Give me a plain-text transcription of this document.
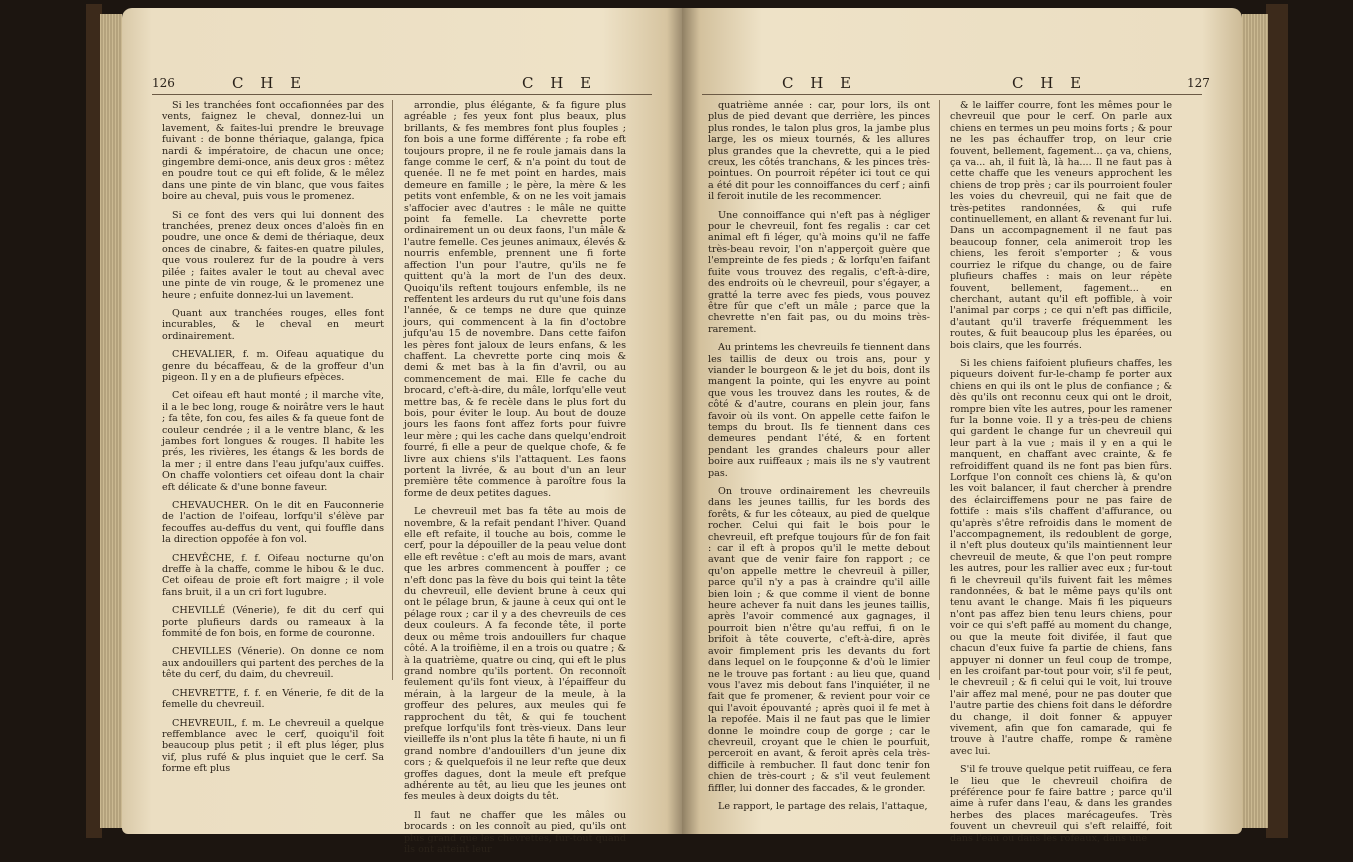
126	C H E	C H E

Si les tranchées font occafionnées par des vents, faignez le cheval, donnez-lui un lavement, & faites-lui prendre le breuvage fuivant : de bonne thériaque, galanga, fpica nardi & impératoire, de chacun une once; gingembre demi-once, anis deux gros : mêtez en poudre tout ce qui eft folide, & le mêlez dans une pinte de vin blanc, que vous faites boire au cheval, puis vous le promenez.

Si ce font des vers qui lui donnent des tranchées, prenez deux onces d'aloès fin en poudre, une once & demi de thériaque, deux onces de cinabre, & faites-en quatre pilules, que vous roulerez fur de la poudre à vers pilée ; faites avaler le tout au cheval avec une pinte de vin rouge, & le promenez une heure ; enfuite donnez-lui un lavement.

Quant aux tranchées rouges, elles font incurables, & le cheval en meurt ordinairement.

CHEVALIER, f. m. Oifeau aquatique du genre du bécaffeau, & de la groffeur d'un pigeon. Il y en a de plufieurs efpèces.

Cet oifeau eft haut monté ; il marche vîte, il a le bec long, rouge & noirâtre vers le haut ; fa tête, fon cou, fes ailes & fa queue font de couleur cendrée ; il a le ventre blanc, & les jambes fort longues & rouges. Il habite les prés, les rivières, les étangs & les bords de la mer ; il entre dans l'eau jufqu'aux cuiffes. On chaffe volontiers cet oifeau dont la chair eft délicate & d'une bonne faveur.

CHEVAUCHER. On le dit en Fauconnerie de l'action de l'oifeau, lorfqu'il s'élève par fecouffes au-deffus du vent, qui fouffle dans la direction oppofée à fon vol.

CHEVÊCHE, f. f. Oifeau nocturne qu'on dreffe à la chaffe, comme le hibou & le duc. Cet oifeau de proie eft fort maigre ; il vole fans bruit, il a un cri fort lugubre.

CHEVILLÉ (Vénerie), fe dit du cerf qui porte plufieurs dards ou rameaux à la fommité de fon bois, en forme de couronne.

CHEVILLES (Vénerie). On donne ce nom aux andouillers qui partent des perches de la tête du cerf, du daim, du chevreuil.

CHEVRETTE, f. f. en Vénerie, fe dit de la femelle du chevreuil.

CHEVREUIL, f. m. Le chevreuil a quelque reffemblance avec le cerf, quoiqu'il foit beaucoup plus petit ; il eft plus léger, plus vif, plus rufé & plus inquiet que le cerf. Sa forme eft plus

arrondie, plus élégante, & fa figure plus agréable ; fes yeux font plus beaux, plus brillants, & fes membres font plus fouples ; fon bois a une forme différente ; fa robe eft toujours propre, il ne fe roule jamais dans la fange comme le cerf, & n'a point du tout de quenée. Il ne fe met point en hardes, mais demeure en famille ; le père, la mère & les petits vont enfemble, & on ne les voit jamais s'affocier avec d'autres : le mâle ne quitte point fa femelle. La chevrette porte ordinairement un ou deux faons, l'un mâle & l'autre femelle. Ces jeunes animaux, élevés & nourris enfemble, prennent une fi forte affection l'un pour l'autre, qu'ils ne fe quittent qu'à la mort de l'un des deux. Quoiqu'ils reftent toujours enfemble, ils ne reffentent les ardeurs du rut qu'une fois dans l'année, & ce temps ne dure que quinze jours, qui commencent à la fin d'octobre jufqu'au 15 de novembre. Dans cette faifon les pères font jaloux de leurs enfans, & les chaffent. La chevrette porte cinq mois & demi & met bas à la fin d'avril, ou au commencement de mai. Elle fe cache du brocard, c'eft-à-dire, du mâle, lorfqu'elle veut mettre bas, & fe recèle dans le plus fort du bois, pour éviter le loup. Au bout de douze jours les faons font affez forts pour fuivre leur mère ; qui les cache dans quelqu'endroit fourré, fi elle a peur de quelque chofe, & fe livre aux chiens s'ils l'attaquent. Les faons portent la livrée, & au bout d'un an leur première tête commence à paroître fous la forme de deux petites dagues.

Le chevreuil met bas fa tête au mois de novembre, & la refait pendant l'hiver. Quand elle eft refaite, il touche au bois, comme le cerf, pour la dépouiller de la peau velue dont elle eft revêtue : c'eft au mois de mars, avant que les arbres commencent à pouffer ; ce n'eft donc pas la fève du bois qui teint la tête du chevreuil, elle devient brune à ceux qui ont le pélage brun, & jaune à ceux qui ont le pélage roux ; car il y a des chevreuils de ces deux couleurs. A fa feconde tête, il porte deux ou même trois andouillers fur chaque côté. A la troifième, il en a trois ou quatre ; & à la quatrième, quatre ou cinq, qui eft le plus grand nombre qu'ils portent. On reconnoît feulement qu'ils font vieux, à l'épaiffeur du mérain, à la largeur de la meule, à la groffeur des pelures, aux meules qui fe rapprochent du têt, & qui fe touchent prefque lorfqu'ils font très-vieux. Dans leur vieilleffe ils n'ont plus la tête fi haute, ni un fi grand nombre d'andouillers d'un jeune dix cors ; & quelquefois il ne leur refte que deux groffes dagues, dont la meule eft prefque adhérente au têt, au lieu que les jeunes ont fes meules à deux doigts du têt.

Il faut ne chaffer que les mâles ou brocards : on les connoît au pied, qu'ils ont plus grand que les chevrettes, fur-tout quand ils ont atteint leur

C H E	C H E	127

quatrième année : car, pour lors, ils ont plus de pied devant que derrière, les pinces plus rondes, le talon plus gros, la jambe plus large, les os mieux tournés, & les allures plus grandes que la chevrette, qui a le pied creux, les côtés tranchans, & les pinces très-pointues. On pourroit répéter ici tout ce qui a été dit pour les connoiffances du cerf ; ainfi il feroit inutile de les recommencer.

Une connoiffance qui n'eft pas à négliger pour le chevreuil, font fes regalis : car cet animal eft fi léger, qu'à moins qu'il ne faffe très-beau revoir, l'on n'apperçoit guère que l'empreinte de fes pieds ; & lorfqu'en faifant fuite vous trouvez des regalis, c'eft-à-dire, des endroits où le chevreuil, pour s'égayer, a gratté la terre avec fes pieds, vous pouvez être fûr que c'eft un mâle ; parce que la chevrette n'en fait pas, ou du moins très-rarement.

Au printems les chevreuils fe tiennent dans les taillis de deux ou trois ans, pour y viander le bourgeon & le jet du bois, dont ils mangent la pointe, qui les enyvre au point que vous les trouvez dans les routes, & de côté & d'autre, courans en plein jour, fans favoir où ils vont. On appelle cette faifon le temps du brout. Ils fe tiennent dans ces demeures pendant l'été, & en fortent pendant les grandes chaleurs pour aller boire aux ruiffeaux ; mais ils ne s'y vautrent pas.

On trouve ordinairement les chevreuils dans les jeunes taillis, fur les bords des forêts, & fur les côteaux, au pied de quelque rocher. Celui qui fait le bois pour le chevreuil, eft prefque toujours fûr de fon fait : car il eft à propos qu'il le mette debout avant que de venir faire fon rapport ; ce qu'on appelle mettre le chevreuil à piller, parce qu'il n'y a pas à craindre qu'il aille bien loin ; & que comme il vient de bonne heure achever fa nuit dans les jeunes taillis, après l'avoir commencé aux gagnages, il pourroit bien n'être qu'au reffui, fi on le brifoit à tête couverte, c'eft-à-dire, après avoir fimplement pris les devants du fort dans lequel on le foupçonne & d'où le limier ne le trouve pas fortant : au lieu que, quand vous l'avez mis debout fans l'inquiéter, il ne fait que fe promener, & revient pour voir ce qui l'avoit épouvanté ; après quoi il fe met à la repofée. Mais il ne faut pas que le limier donne le moindre coup de gorge ; car le chevreuil, croyant que le chien le pourfuit, perceroit en avant, & feroit après cela très-difficile à rembucher. Il faut donc tenir fon chien de très-court ; & s'il veut feulement fiffler, lui donner des faccades, & le gronder.

Le rapport, le partage des relais, l'attaque,

& le laiffer courre, font les mêmes pour le chevreuil que pour le cerf. On parle aux chiens en termes un peu moins forts ; & pour ne les pas échauffer trop, on leur crie fouvent, bellement, fagement... ça va, chiens, ça va... ah, il fuit là, là ha.... Il ne faut pas à cette chaffe que les veneurs approchent les chiens de trop près ; car ils pourroient fouler les voies du chevreuil, qui ne fait que de très-petites randonnées, & qui rufe continuellement, en allant & revenant fur lui. Dans un accompagnement il ne faut pas beaucoup fonner, cela animeroit trop les chiens, les feroit s'emporter ; & vous courriez le rifque du change, ou de faire plufieurs chaffes : mais on leur répète fouvent, bellement, fagement... en cherchant, autant qu'il eft poffible, à voir l'animal par corps ; ce qui n'eft pas difficile, d'autant qu'il traverfe fréquemment les routes, & fuit beaucoup plus les éparées, ou bois clairs, que les fourrés.

Si les chiens faifoient plufieurs chaffes, les piqueurs doivent fur-le-champ fe porter aux chiens en qui ils ont le plus de confiance ; & dès qu'ils ont reconnu ceux qui ont le droit, rompre bien vîte les autres, pour les ramener fur la bonne voie. Il y a très-peu de chiens qui gardent le change fur un chevreuil qui leur part à la vue ; mais il y en a qui le manquent, en chaffant avec crainte, & fe refroidiffent quand ils ne font pas bien fûrs. Lorfque l'on connoît ces chiens là, & qu'on les voit balancer, il faut chercher à prendre des éclairciffemens pour ne pas faire de fottife : mais s'ils chaffent d'affurance, ou qu'après s'être refroidis dans le moment de l'accompagnement, ils redoublent de gorge, il n'eft plus douteux qu'ils maintiennent leur chevreuil de meute, & que l'on peut rompre les autres, pour les rallier avec eux ; fur-tout fi le chevreuil qu'ils fuivent fait les mêmes randonnées, & bat le même pays qu'ils ont tenu avant le change. Mais fi les piqueurs n'ont pas affez bien tenu leurs chiens, pour voir ce qui s'eft paffé au moment du change, ou que la meute foit divifée, il faut que chacun d'eux fuive fa partie de chiens, fans appuyer ni donner un feul coup de trompe, en les croifant par-tout pour voir, s'il fe peut, le chevreuil ; & fi celui qui le voit, lui trouve l'air affez mal mené, pour ne pas douter que l'autre partie des chiens foit dans le défordre du change, il doit fonner & appuyer vivement, afin que fon camarade, qui fe trouve à l'autre chaffe, rompe & ramène avec lui.

S'il fe trouve quelque petit ruiffeau, ce fera le lieu que le chevreuil choifira de préférence pour fe faire battre ; parce qu'il aime à rufer dans l'eau, & dans les grandes herbes des places marécageufes. Très fouvent un chevreuil qui s'eft relaiffé, foit dans l'eau ou dans les rofeaux, dans une
